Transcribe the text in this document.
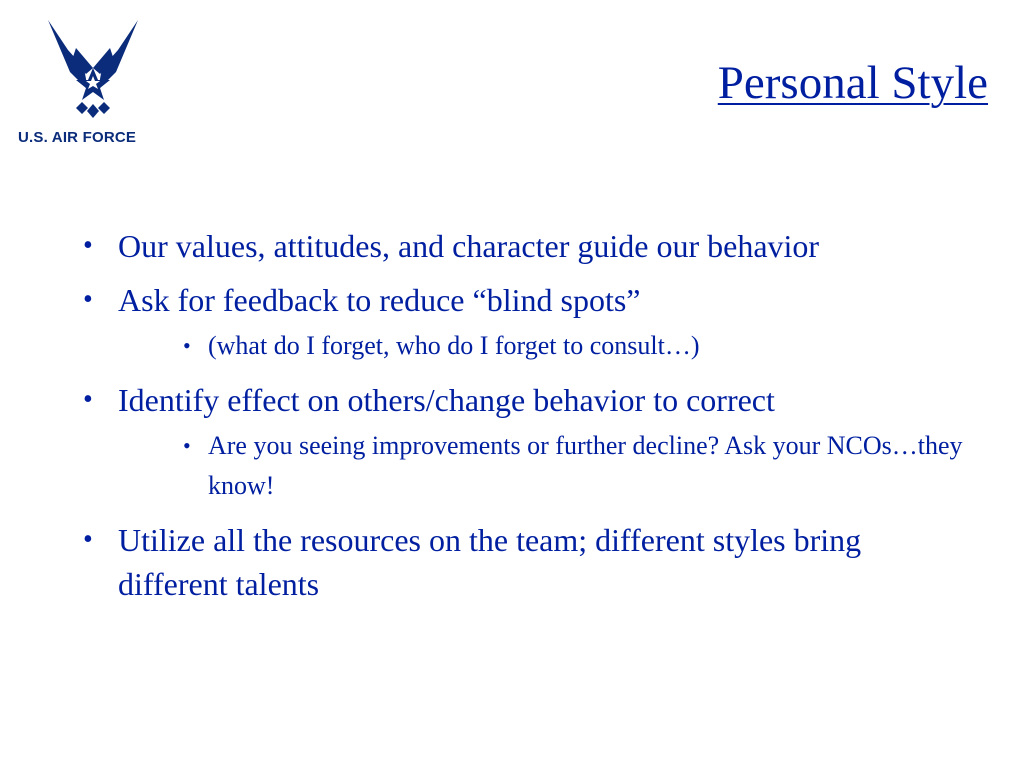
U.S. AIR FORCE
Personal Style
• Our values, attitudes, and character guide our behavior
• Ask for feedback to reduce “blind spots”
• (what do I forget, who do I forget to consult…)
• Identify effect on others/change behavior to correct
• Are you seeing improvements or further decline? Ask your NCOs…they know!
• Utilize all the resources on the team; different styles bring different talents
